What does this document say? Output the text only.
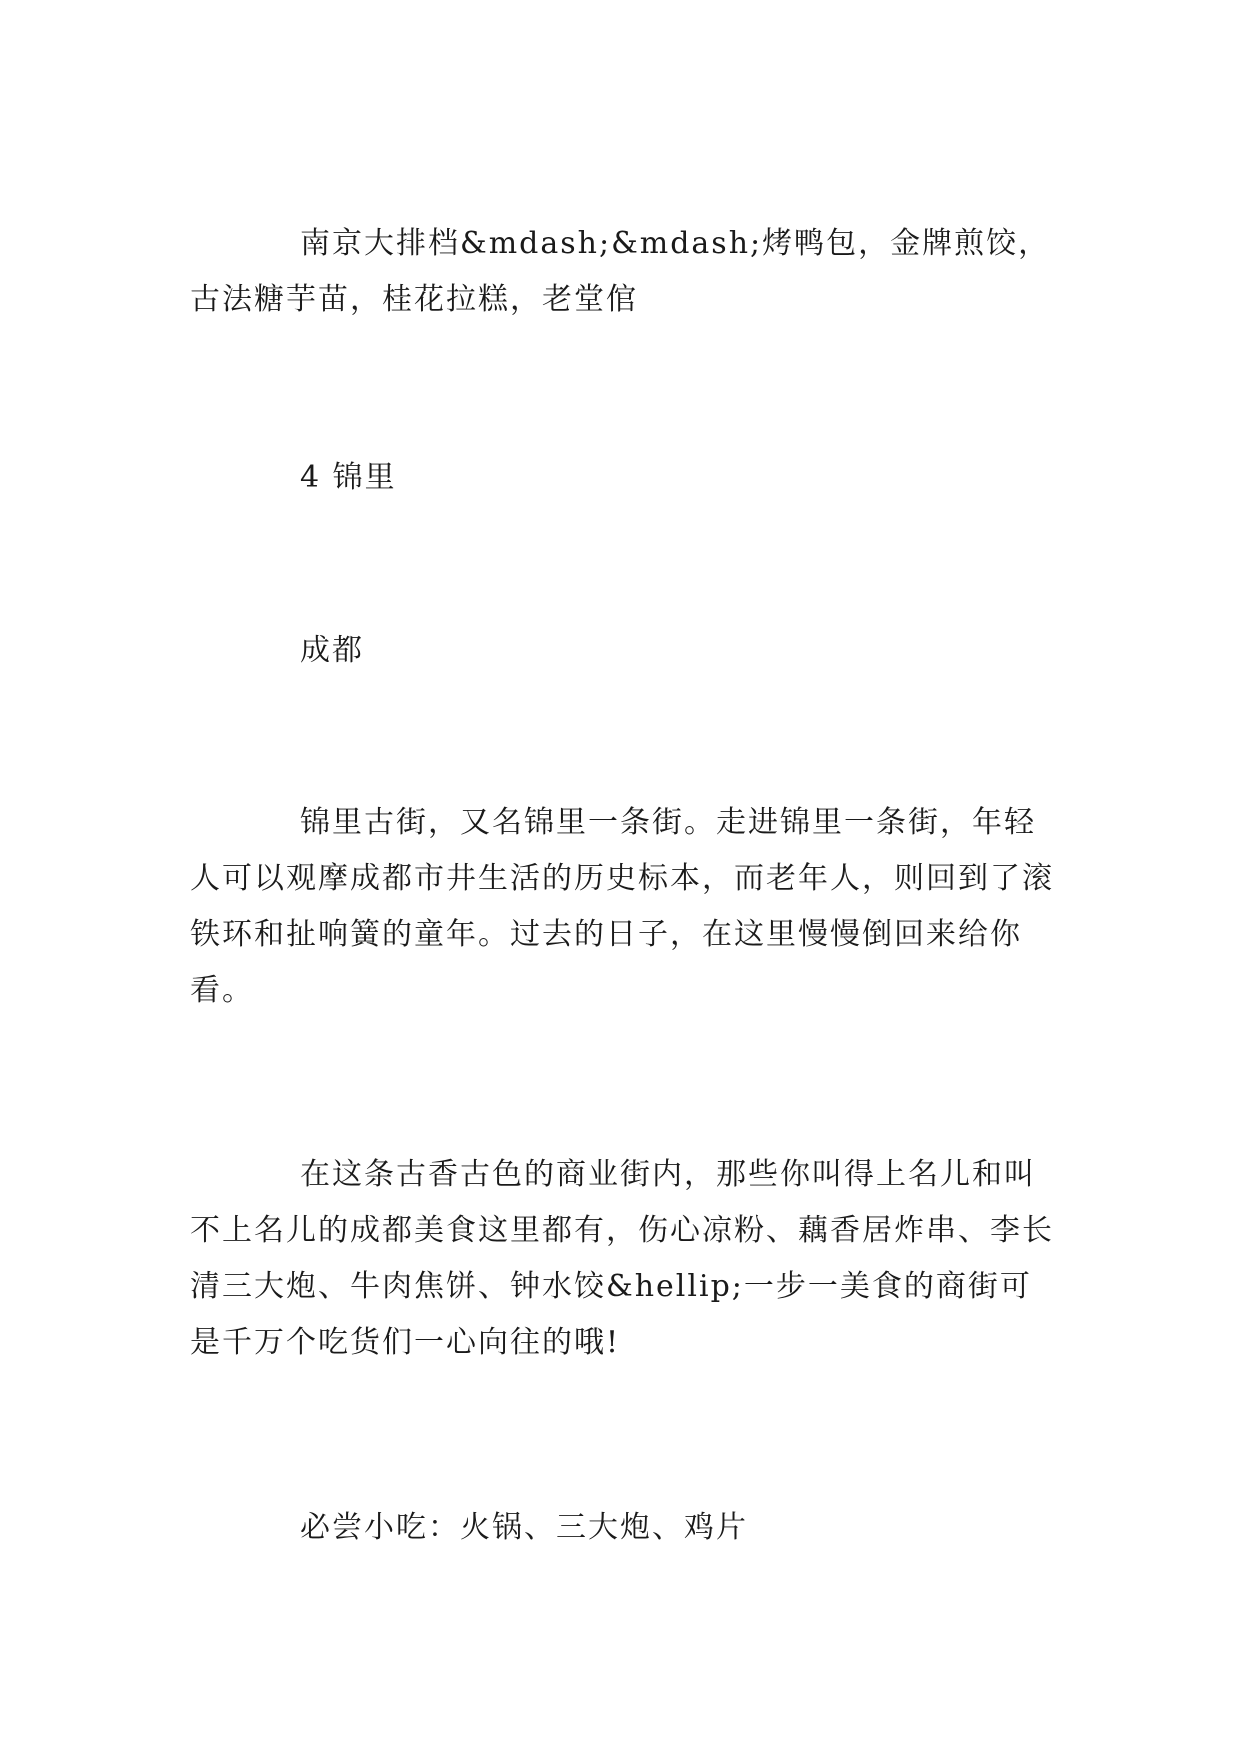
南京大排档&mdash;&mdash;烤鸭包，金牌煎饺，古法糖芋苗，桂花拉糕，老堂倌

4 锦里

成都

锦里古街，又名锦里一条街。走进锦里一条街，年轻人可以观摩成都市井生活的历史标本，而老年人，则回到了滚铁环和扯响簧的童年。过去的日子，在这里慢慢倒回来给你看。

在这条古香古色的商业街内，那些你叫得上名儿和叫不上名儿的成都美食这里都有，伤心凉粉、藕香居炸串、李长清三大炮、牛肉焦饼、钟水饺&hellip;一步一美食的商街可是千万个吃货们一心向往的哦!

必尝小吃：火锅、三大炮、鸡片
